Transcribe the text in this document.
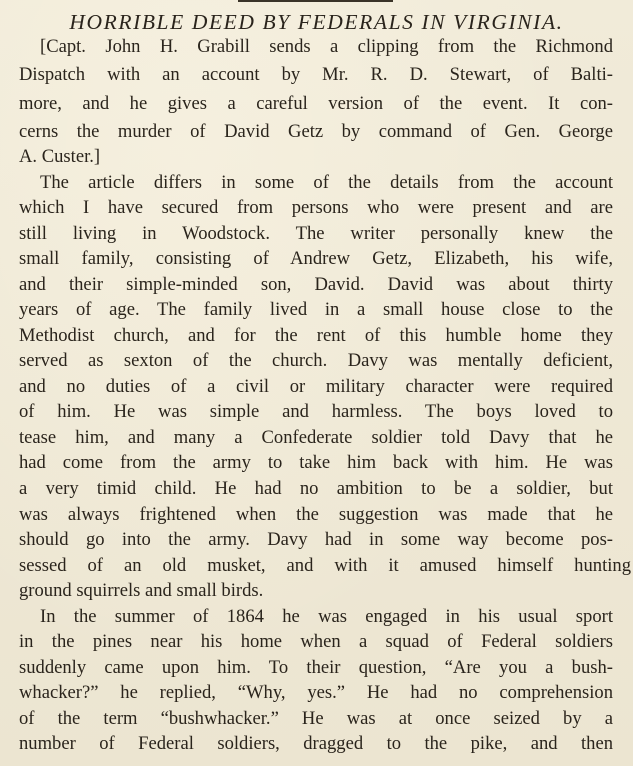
HORRIBLE DEED BY FEDERALS IN VIRGINIA.
[Capt. John H. Grabill sends a clipping from the Richmond
Dispatch with an account by Mr. R. D. Stewart, of Balti-
more, and he gives a careful version of the event. It con-
cerns the murder of David Getz by command of Gen. George
A. Custer.]
The article differs in some of the details from the account
which I have secured from persons who were present and are
still living in Woodstock. The writer personally knew the
small family, consisting of Andrew Getz, Elizabeth, his wife,
and their simple-minded son, David. David was about thirty
years of age. The family lived in a small house close to the
Methodist church, and for the rent of this humble home they
served as sexton of the church. Davy was mentally deficient,
and no duties of a civil or military character were required
of him. He was simple and harmless. The boys loved to
tease him, and many a Confederate soldier told Davy that he
had come from the army to take him back with him. He was
a very timid child. He had no ambition to be a soldier, but
was always frightened when the suggestion was made that he
should go into the army. Davy had in some way become pos-
sessed of an old musket, and with it amused himself hunting
ground squirrels and small birds.
In the summer of 1864 he was engaged in his usual sport
in the pines near his home when a squad of Federal soldiers
suddenly came upon him. To their question, “Are you a bush-
whacker?” he replied, “Why, yes.” He had no comprehension
of the term “bushwhacker.” He was at once seized by a
number of Federal soldiers, dragged to the pike, and then
